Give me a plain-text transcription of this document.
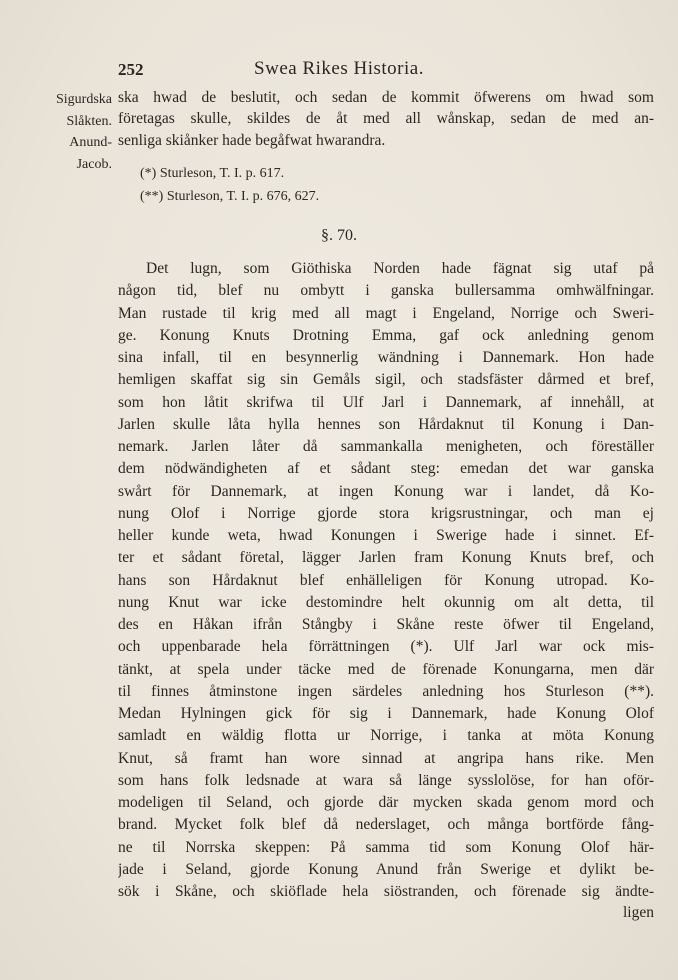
252	Swea Rikes Historia.
Sigurdska
Slåkten.
Anund-
Jacob.
ska hwad de beslutit, och sedan de kommit öfwerens om hwad som
företagas skulle, skildes de åt med all wånskap, sedan de med an-
senliga skiånker hade begåfwat hwarandra.
(*) Sturleson, T. I. p. 617.
(**) Sturleson, T. I. p. 676, 627.
§. 70.
Det lugn, som Giöthiska Norden hade fägnat sig utaf på
någon tid, blef nu ombytt i ganska bullersamma omhwälfningar.
Man rustade til krig med all magt i Engeland, Norrige och Sweri-
ge. Konung Knuts Drotning Emma, gaf ock anledning genom
sina infall, til en besynnerlig wändning i Dannemark. Hon hade
hemligen skaffat sig sin Gemåls sigil, och stadsfäster dårmed et bref,
som hon låtit skrifwa til Ulf Jarl i Dannemark, af innehåll, at
Jarlen skulle låta hylla hennes son Hårdaknut til Konung i Dan-
nemark. Jarlen låter då sammankalla menigheten, och föreställer
dem nödwändigheten af et sådant steg: emedan det war ganska
swårt för Dannemark, at ingen Konung war i landet, då Ko-
nung Olof i Norrige gjorde stora krigsrustningar, och man ej
heller kunde weta, hwad Konungen i Swerige hade i sinnet. Ef-
ter et sådant företal, lägger Jarlen fram Konung Knuts bref, och
hans son Hårdaknut blef enhälleligen för Konung utropad. Ko-
nung Knut war icke destomindre helt okunnig om alt detta, til
des en Håkan ifrån Stångby i Skåne reste öfwer til Engeland,
och uppenbarade hela förrättningen (*). Ulf Jarl war ock mis-
tänkt, at spela under täcke med de förenade Konungarna, men där
til finnes åtminstone ingen särdeles anledning hos Sturleson (**).
Medan Hylningen gick för sig i Dannemark, hade Konung Olof
samladt en wäldig flotta ur Norrige, i tanka at möta Konung
Knut, så framt han wore sinnad at angripa hans rike. Men
som hans folk ledsnade at wara så länge sysslolöse, for han oför-
modeligen til Seland, och gjorde där mycken skada genom mord och
brand. Mycket folk blef då nederslaget, och många bortförde fång-
ne til Norrska skeppen: På samma tid som Konung Olof här-
jade i Seland, gjorde Konung Anund från Swerige et dylikt be-
sök i Skåne, och skiöflade hela siöstranden, och förenade sig ändte-
ligen
